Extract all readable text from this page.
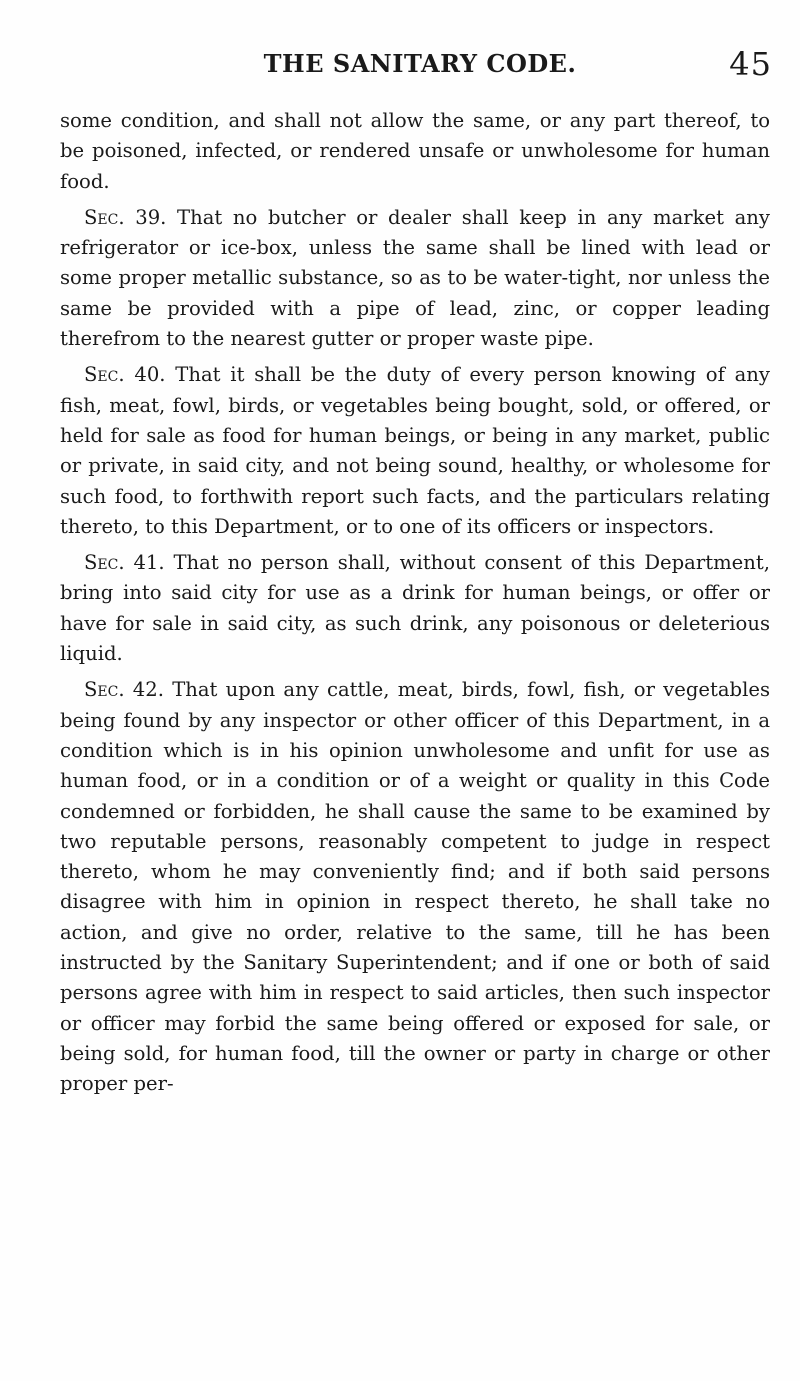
THE SANITARY CODE.	45

some condition, and shall not allow the same, or any part thereof, to be poisoned, infected, or rendered unsafe or unwholesome for human food.

Sec. 39. That no butcher or dealer shall keep in any market any refrigerator or ice-box, unless the same shall be lined with lead or some proper metallic substance, so as to be water-tight, nor unless the same be provided with a pipe of lead, zinc, or copper leading therefrom to the nearest gutter or proper waste pipe.

Sec. 40. That it shall be the duty of every person knowing of any fish, meat, fowl, birds, or vegetables being bought, sold, or offered, or held for sale as food for human beings, or being in any market, public or private, in said city, and not being sound, healthy, or wholesome for such food, to forthwith report such facts, and the particulars relating thereto, to this Department, or to one of its officers or inspectors.

Sec. 41. That no person shall, without consent of this Department, bring into said city for use as a drink for human beings, or offer or have for sale in said city, as such drink, any poisonous or deleterious liquid.

Sec. 42. That upon any cattle, meat, birds, fowl, fish, or vegetables being found by any inspector or other officer of this Department, in a condition which is in his opinion unwholesome and unfit for use as human food, or in a condition or of a weight or quality in this Code condemned or forbidden, he shall cause the same to be examined by two reputable persons, reasonably competent to judge in respect thereto, whom he may conveniently find; and if both said persons disagree with him in opinion in respect thereto, he shall take no action, and give no order, relative to the same, till he has been instructed by the Sanitary Superintendent; and if one or both of said persons agree with him in respect to said articles, then such inspector or officer may forbid the same being offered or exposed for sale, or being sold, for human food, till the owner or party in charge or other proper per-
